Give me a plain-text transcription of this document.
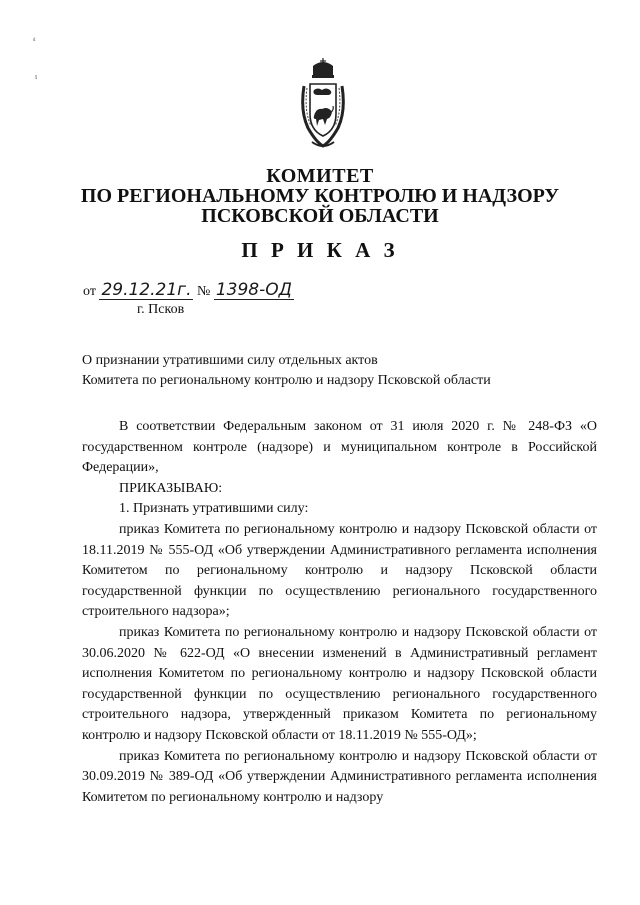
ᵈ
ι
КОМИТЕТ
ПО РЕГИОНАЛЬНОМУ КОНТРОЛЮ И НАДЗОРУ
ПСКОВСКОЙ ОБЛАСТИ
П Р И К А З
от 29.12.21г. № 1398-ОД
г. Псков
О признании утратившими силу отдельных актов
Комитета по региональному контролю и надзору Псковской области

В соответствии Федеральным законом от 31 июля 2020 г. № 248-ФЗ «О государственном контроле (надзоре) и муниципальном контроле в Российской Федерации»,

ПРИКАЗЫВАЮ:

1. Признать утратившими силу:

приказ Комитета по региональному контролю и надзору Псковской области от 18.11.2019 № 555-ОД «Об утверждении Административного регламента исполнения Комитетом по региональному контролю и надзору Псковской области государственной функции по осуществлению регионального государственного строительного надзора»;

приказ Комитета по региональному контролю и надзору Псковской области от 30.06.2020 № 622-ОД «О внесении изменений в Административный регламент исполнения Комитетом по региональному контролю и надзору Псковской области государственной функции по осуществлению регионального государственного строительного надзора, утвержденный приказом Комитета по региональному контролю и надзору Псковской области от 18.11.2019 № 555-ОД»;

приказ Комитета по региональному контролю и надзору Псковской области от 30.09.2019 № 389-ОД «Об утверждении Административного регламента исполнения Комитетом по региональному контролю и надзору
